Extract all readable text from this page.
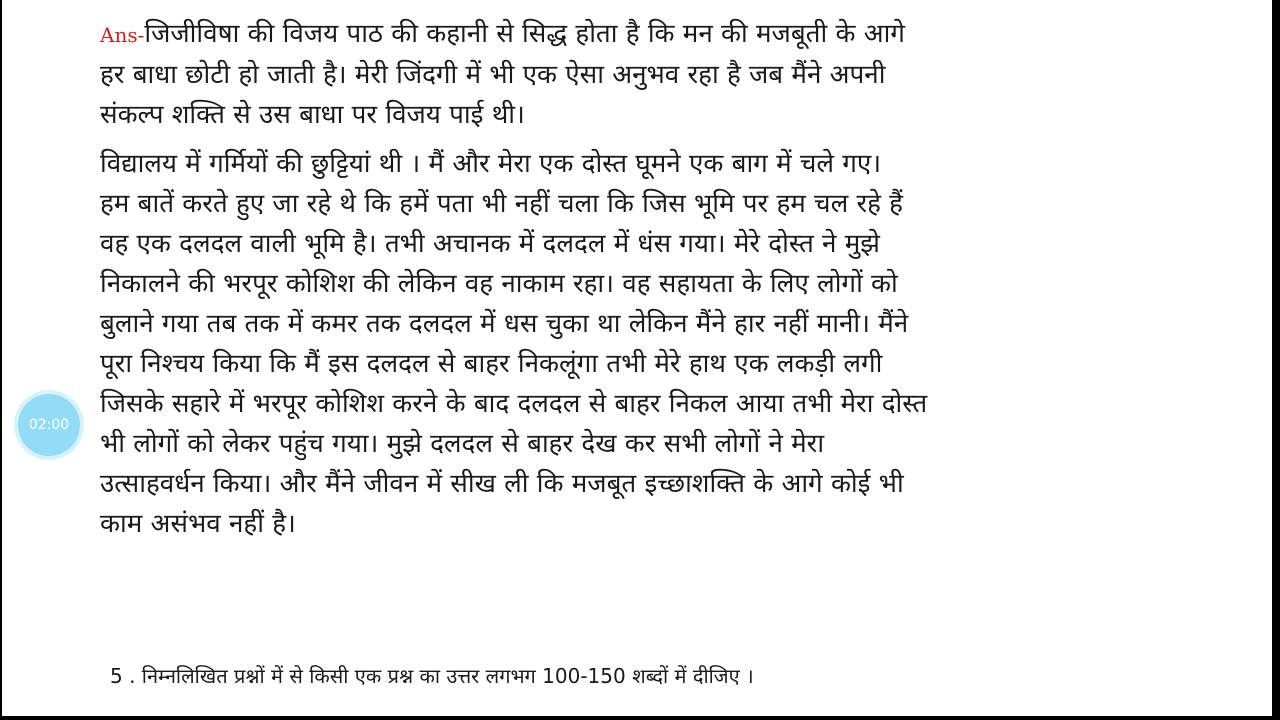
Ans-जिजीविषा की विजय पाठ की कहानी से सिद्ध होता है कि मन की मजबूती के आगे
हर बाधा छोटी हो जाती है। मेरी जिंदगी में भी एक ऐसा अनुभव रहा है जब मैंने अपनी
संकल्प शक्ति से उस बाधा पर विजय पाई थी।
विद्यालय में गर्मियों की छुट्टियां थी । मैं और मेरा एक दोस्त घूमने एक बाग में चले गए।
हम बातें करते हुए जा रहे थे कि हमें पता भी नहीं चला कि जिस भूमि पर हम चल रहे हैं
वह एक दलदल वाली भूमि है। तभी अचानक में दलदल में धंस गया। मेरे दोस्त ने मुझे
निकालने की भरपूर कोशिश की लेकिन वह नाकाम रहा। वह सहायता के लिए लोगों को
बुलाने गया तब तक में कमर तक दलदल में धस चुका था लेकिन मैंने हार नहीं मानी। मैंने
पूरा निश्चय किया कि मैं इस दलदल से बाहर निकलूंगा तभी मेरे हाथ एक लकड़ी लगी
जिसके सहारे में भरपूर कोशिश करने के बाद दलदल से बाहर निकल आया तभी मेरा दोस्त
भी लोगों को लेकर पहुंच गया। मुझे दलदल से बाहर देख कर सभी लोगों ने मेरा
उत्साहवर्धन किया। और मैंने जीवन में सीख ली कि मजबूत इच्छाशक्ति के आगे कोई भी
काम असंभव नहीं है।
02:00
5 . निम्नलिखित प्रश्नों में से किसी एक प्रश्न का उत्तर लगभग 100-150 शब्दों में दीजिए ।
